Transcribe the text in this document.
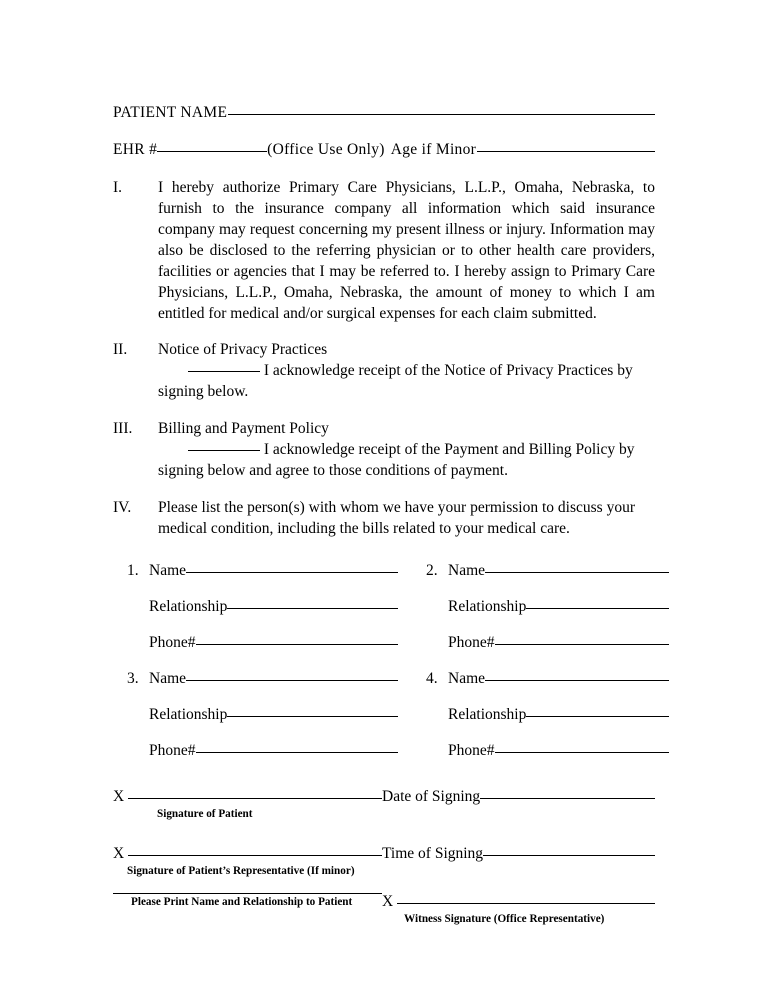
PATIENT NAME
EHR #	(Office Use Only) Age if Minor
I.	I hereby authorize Primary Care Physicians, L.L.P., Omaha, Nebraska, to furnish to the insurance company all information which said insurance company may request concerning my present illness or injury. Information may also be disclosed to the referring physician or to other health care providers, facilities or agencies that I may be referred to. I hereby assign to Primary Care Physicians, L.L.P., Omaha, Nebraska, the amount of money to which I am entitled for medical and/or surgical expenses for each claim submitted.
II.	Notice of Privacy Practices
I acknowledge receipt of the Notice of Privacy Practices by signing below.
III.	Billing and Payment Policy
I acknowledge receipt of the Payment and Billing Policy by signing below and agree to those conditions of payment.
IV.	Please list the person(s) with whom we have your permission to discuss your medical condition, including the bills related to your medical care.
1. Name
Relationship
Phone#
2. Name
Relationship
Phone#
3. Name
Relationship
Phone#
4. Name
Relationship
Phone#
X
Signature of Patient
Date of Signing
X
Signature of Patient’s Representative (If minor)
Time of Signing
Please Print Name and Relationship to Patient	X
Witness Signature (Office Representative)
